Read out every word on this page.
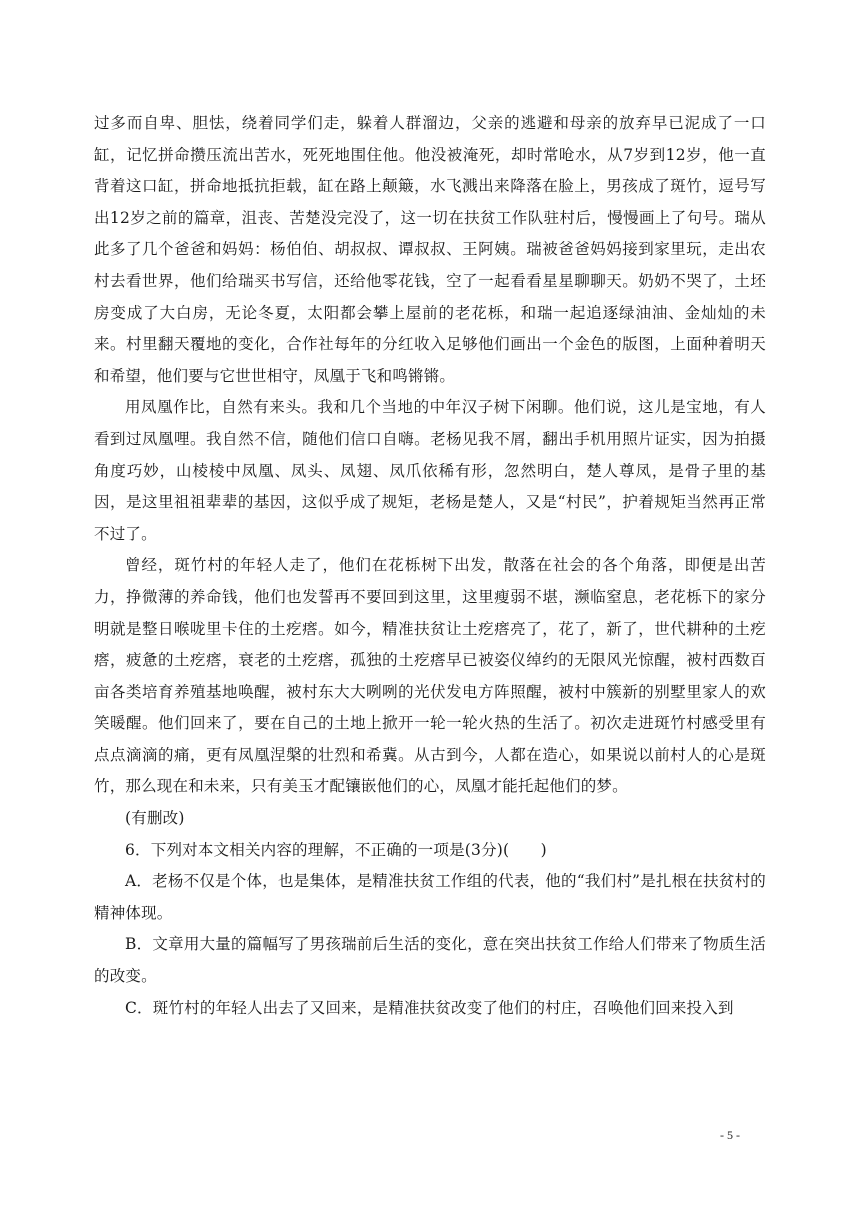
过多而自卑、胆怯，绕着同学们走，躲着人群溜边，父亲的逃避和母亲的放弃早已泥成了一口缸，记忆拼命攒压流出苦水，死死地围住他。他没被淹死，却时常呛水，从7岁到12岁，他一直背着这口缸，拼命地抵抗拒载，缸在路上颠簸，水飞溅出来降落在脸上，男孩成了斑竹，逗号写出12岁之前的篇章，沮丧、苦楚没完没了，这一切在扶贫工作队驻村后，慢慢画上了句号。瑞从此多了几个爸爸和妈妈：杨伯伯、胡叔叔、谭叔叔、王阿姨。瑞被爸爸妈妈接到家里玩，走出农村去看世界，他们给瑞买书写信，还给他零花钱，空了一起看看星星聊聊天。奶奶不哭了，土坯房变成了大白房，无论冬夏，太阳都会攀上屋前的老花栎，和瑞一起追逐绿油油、金灿灿的未来。村里翻天覆地的变化，合作社每年的分红收入足够他们画出一个金色的版图，上面种着明天和希望，他们要与它世世相守，凤凰于飞和鸣锵锵。

用凤凰作比，自然有来头。我和几个当地的中年汉子树下闲聊。他们说，这儿是宝地，有人看到过凤凰哩。我自然不信，随他们信口自嗨。老杨见我不屑，翻出手机用照片证实，因为拍摄角度巧妙，山棱棱中凤凰、凤头、凤翅、凤爪依稀有形，忽然明白，楚人尊凤，是骨子里的基因，是这里祖祖辈辈的基因，这似乎成了规矩，老杨是楚人，又是“村民”，护着规矩当然再正常不过了。

曾经，斑竹村的年轻人走了，他们在花栎树下出发，散落在社会的各个角落，即便是出苦力，挣微薄的养命钱，他们也发誓再不要回到这里，这里瘦弱不堪，濒临窒息，老花栎下的家分明就是整日喉咙里卡住的土疙瘩。如今，精准扶贫让土疙瘩亮了，花了，新了，世代耕种的土疙瘩，疲惫的土疙瘩，衰老的土疙瘩，孤独的土疙瘩早已被姿仪绰约的无限风光惊醒，被村西数百亩各类培育养殖基地唤醒，被村东大大咧咧的光伏发电方阵照醒，被村中簇新的别墅里家人的欢笑暖醒。他们回来了，要在自己的土地上掀开一轮一轮火热的生活了。初次走进斑竹村感受里有点点滴滴的痛，更有凤凰涅槃的壮烈和希冀。从古到今，人都在造心，如果说以前村人的心是斑竹，那么现在和未来，只有美玉才配镶嵌他们的心，凤凰才能托起他们的梦。

(有删改)

6．下列对本文相关内容的理解，不正确的一项是(3分)(　　)

A．老杨不仅是个体，也是集体，是精准扶贫工作组的代表，他的“我们村”是扎根在扶贫村的精神体现。

B．文章用大量的篇幅写了男孩瑞前后生活的变化，意在突出扶贫工作给人们带来了物质生活的改变。

C．斑竹村的年轻人出去了又回来，是精准扶贫改变了他们的村庄，召唤他们回来投入到

- 5 -
